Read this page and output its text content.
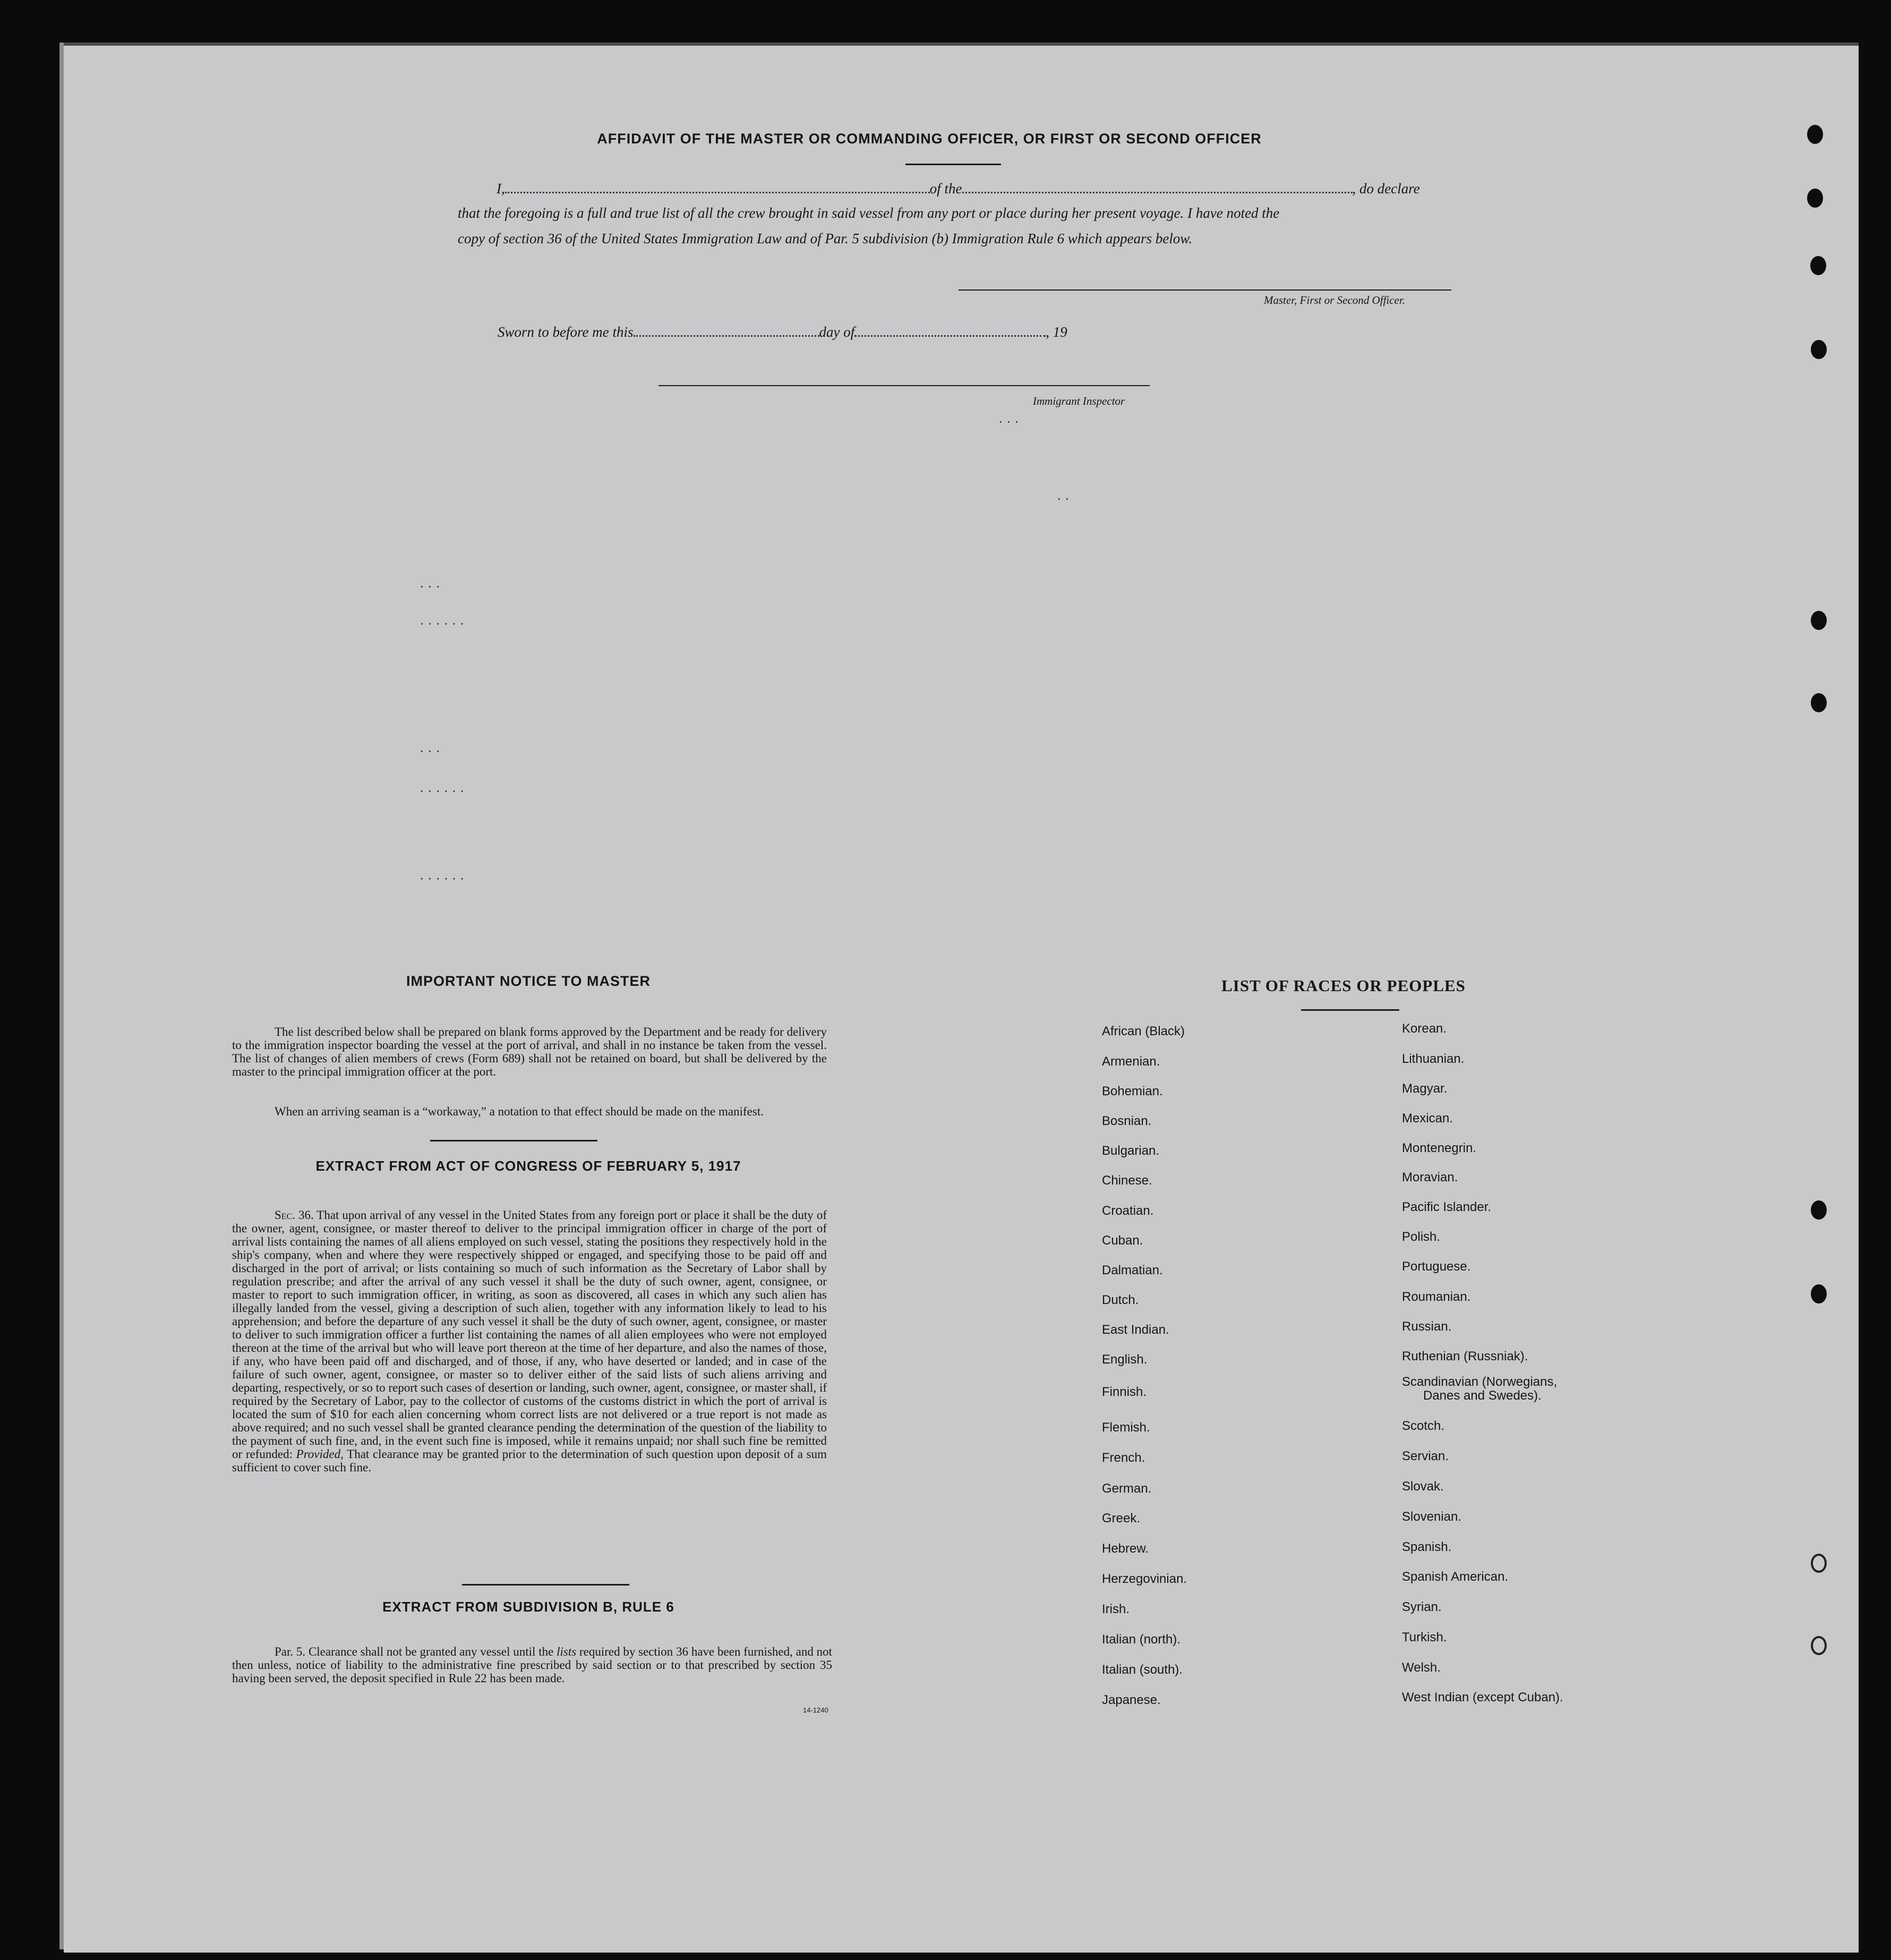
AFFIDAVIT OF THE MASTER OR COMMANDING OFFICER, OR FIRST OR SECOND OFFICER
I,	of the	, do declare
that the foregoing is a full and true list of all the crew brought in said vessel from any port or place during her present voyage. I have noted the
copy of section 36 of the United States Immigration Law and of Par. 5 subdivision (b) Immigration Rule 6 which appears below.
Master, First or Second Officer.
Sworn to before me this	day of	, 19
Immigrant Inspector
· · ·
· ·
· · ·
· · · · · ·
· · ·
· · · · · ·
· · · · · ·
IMPORTANT NOTICE TO MASTER
The list described below shall be prepared on blank forms approved by the Department and be ready for delivery to the immigration inspector boarding the vessel at the port of arrival, and shall in no instance be taken from the vessel. The list of changes of alien members of crews (Form 689) shall not be retained on board, but shall be delivered by the master to the principal immigration officer at the port.
When an arriving seaman is a “workaway,” a notation to that effect should be made on the manifest.
EXTRACT FROM ACT OF CONGRESS OF FEBRUARY 5, 1917
Sec. 36. That upon arrival of any vessel in the United States from any foreign port or place it shall be the duty of the owner, agent, consignee, or master thereof to deliver to the principal immigration officer in charge of the port of arrival lists containing the names of all aliens employed on such vessel, stating the positions they respectively hold in the ship's company, when and where they were respectively shipped or engaged, and specifying those to be paid off and discharged in the port of arrival; or lists containing so much of such information as the Secretary of Labor shall by regulation prescribe; and after the arrival of any such vessel it shall be the duty of such owner, agent, consignee, or master to report to such immigration officer, in writing, as soon as discovered, all cases in which any such alien has illegally landed from the vessel, giving a description of such alien, together with any information likely to lead to his apprehension; and before the departure of any such vessel it shall be the duty of such owner, agent, consignee, or master to deliver to such immigration officer a further list containing the names of all alien employees who were not employed thereon at the time of the arrival but who will leave port thereon at the time of her departure, and also the names of those, if any, who have been paid off and discharged, and of those, if any, who have deserted or landed; and in case of the failure of such owner, agent, consignee, or master so to deliver either of the said lists of such aliens arriving and departing, respectively, or so to report such cases of desertion or landing, such owner, agent, consignee, or master shall, if required by the Secretary of Labor, pay to the collector of customs of the customs district in which the port of arrival is located the sum of $10 for each alien concerning whom correct lists are not delivered or a true report is not made as above required; and no such vessel shall be granted clearance pending the determination of the question of the liability to the payment of such fine, and, in the event such fine is imposed, while it remains unpaid; nor shall such fine be remitted or refunded: Provided, That clearance may be granted prior to the determination of such question upon deposit of a sum sufficient to cover such fine.
EXTRACT FROM SUBDIVISION B, RULE 6
Par. 5. Clearance shall not be granted any vessel until the lists required by section 36 have been furnished, and not then unless, notice of liability to the administrative fine prescribed by said section or to that prescribed by section 35 having been served, the deposit specified in Rule 22 has been made.
14-1240
LIST OF RACES OR PEOPLES
African (Black)
Armenian.
Bohemian.
Bosnian.
Bulgarian.
Chinese.
Croatian.
Cuban.
Dalmatian.
Dutch.
East Indian.
English.
Finnish.
Flemish.
French.
German.
Greek.
Hebrew.
Herzegovinian.
Irish.
Italian (north).
Italian (south).
Japanese.
Korean.
Lithuanian.
Magyar.
Mexican.
Montenegrin.
Moravian.
Pacific Islander.
Polish.
Portuguese.
Roumanian.
Russian.
Ruthenian (Russniak).
Scandinavian (Norwegians,
Danes and Swedes).
Scotch.
Servian.
Slovak.
Slovenian.
Spanish.
Spanish American.
Syrian.
Turkish.
Welsh.
West Indian (except Cuban).
